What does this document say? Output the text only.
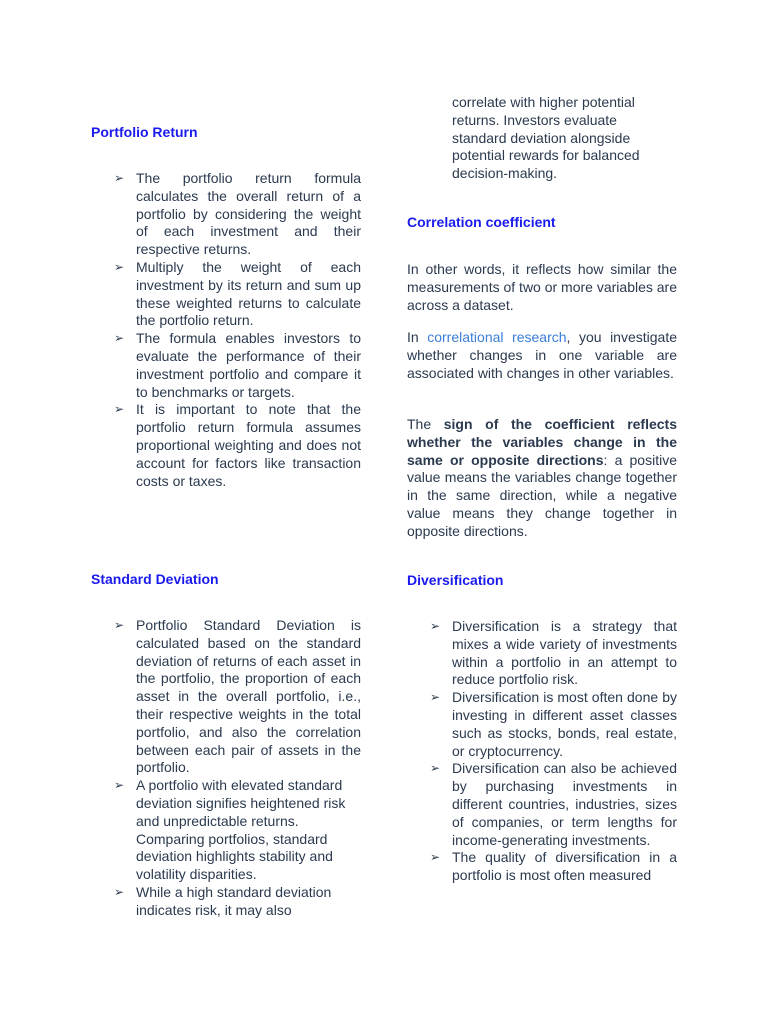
Portfolio Return
➢ The portfolio return formula calculates the overall return of a portfolio by considering the weight of each investment and their respective returns.
➢ Multiply the weight of each investment by its return and sum up these weighted returns to calculate the portfolio return.
➢ The formula enables investors to evaluate the performance of their investment portfolio and compare it to benchmarks or targets.
➢ It is important to note that the portfolio return formula assumes proportional weighting and does not account for factors like transaction costs or taxes.
Standard Deviation
➢ Portfolio Standard Deviation is calculated based on the standard deviation of returns of each asset in the portfolio, the proportion of each asset in the overall portfolio, i.e., their respective weights in the total portfolio, and also the correlation between each pair of assets in the portfolio.
➢ A portfolio with elevated standard deviation signifies heightened risk and unpredictable returns. Comparing portfolios, standard deviation highlights stability and volatility disparities.
➢ While a high standard deviation indicates risk, it may also

correlate with higher potential returns. Investors evaluate standard deviation alongside potential rewards for balanced decision-making.

Correlation coefficient

In other words, it reflects how similar the measurements of two or more variables are across a dataset.

In correlational research, you investigate whether changes in one variable are associated with changes in other variables.

The sign of the coefficient reflects whether the variables change in the same or opposite directions: a positive value means the variables change together in the same direction, while a negative value means they change together in opposite directions.

Diversification
➢ Diversification is a strategy that mixes a wide variety of investments within a portfolio in an attempt to reduce portfolio risk.
➢ Diversification is most often done by investing in different asset classes such as stocks, bonds, real estate, or cryptocurrency.
➢ Diversification can also be achieved by purchasing investments in different countries, industries, sizes of companies, or term lengths for income-generating investments.
➢ The quality of diversification in a portfolio is most often measured
